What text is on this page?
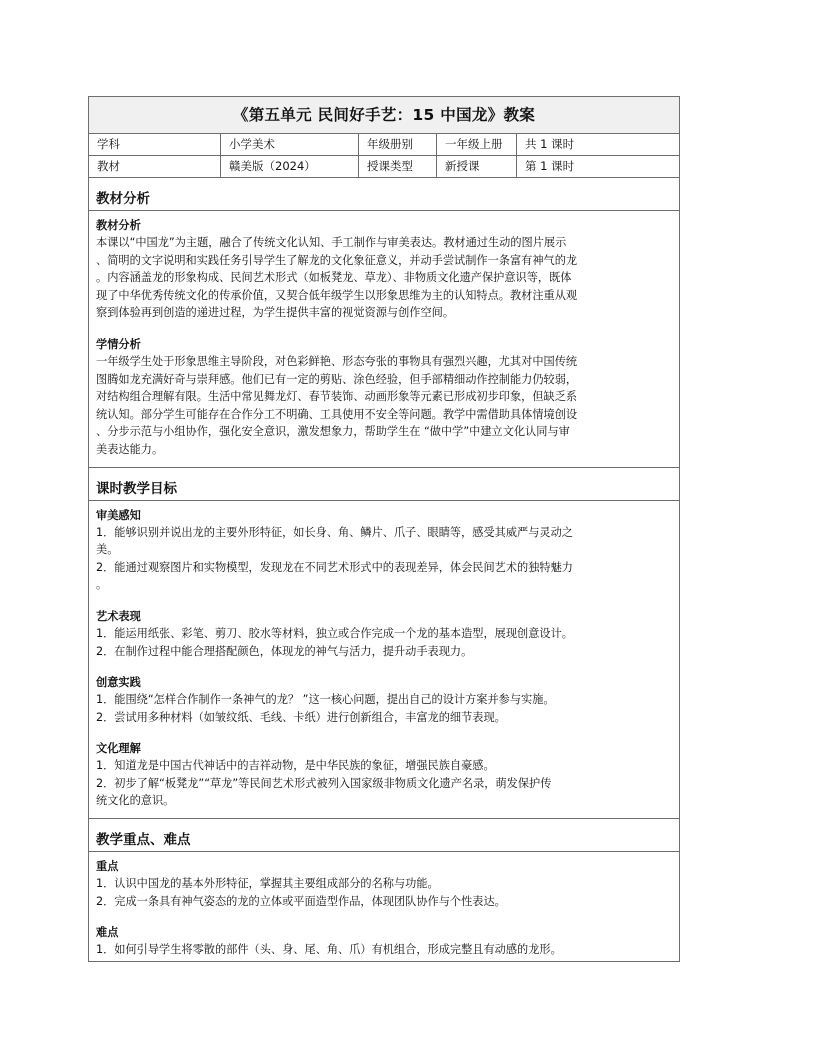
《第五单元 民间好手艺：15 中国龙》教案
学科	小学美术	年级册别	一年级上册	共 1 课时
教材	赣美版（2024）	授课类型	新授课	第 1 课时
教材分析
教材分析

本课以“中国龙”为主题，融合了传统文化认知、手工制作与审美表达。教材通过生动的图片展示

、简明的文字说明和实践任务引导学生了解龙的文化象征意义，并动手尝试制作一条富有神气的龙

。内容涵盖龙的形象构成、民间艺术形式（如板凳龙、草龙）、非物质文化遗产保护意识等，既体

现了中华优秀传统文化的传承价值，又契合低年级学生以形象思维为主的认知特点。教材注重从观

察到体验再到创造的递进过程，为学生提供丰富的视觉资源与创作空间。

学情分析

一年级学生处于形象思维主导阶段，对色彩鲜艳、形态夸张的事物具有强烈兴趣，尤其对中国传统

图腾如龙充满好奇与崇拜感。他们已有一定的剪贴、涂色经验，但手部精细动作控制能力仍较弱，

对结构组合理解有限。生活中常见舞龙灯、春节装饰、动画形象等元素已形成初步印象，但缺乏系

统认知。部分学生可能存在合作分工不明确、工具使用不安全等问题。教学中需借助具体情境创设

、分步示范与小组协作，强化安全意识，激发想象力，帮助学生在 “做中学”中建立文化认同与审

美表达能力。

课时教学目标
审美感知
1．能够识别并说出龙的主要外形特征，如长身、角、鳞片、爪子、眼睛等，感受其威严与灵动之
美。
2．能通过观察图片和实物模型，发现龙在不同艺术形式中的表现差异，体会民间艺术的独特魅力
。
艺术表现
1．能运用纸张、彩笔、剪刀、胶水等材料，独立或合作完成一个龙的基本造型，展现创意设计。
2．在制作过程中能合理搭配颜色，体现龙的神气与活力，提升动手表现力。
创意实践
1．能围绕“怎样合作制作一条神气的龙？ ”这一核心问题，提出自己的设计方案并参与实施。
2．尝试用多种材料（如皱纹纸、毛线、卡纸）进行创新组合，丰富龙的细节表现。
文化理解
1．知道龙是中国古代神话中的吉祥动物，是中华民族的象征，增强民族自豪感。
2．初步了解“板凳龙”“草龙”等民间艺术形式被列入国家级非物质文化遗产名录，萌发保护传
统文化的意识。
教学重点、难点
重点
1．认识中国龙的基本外形特征，掌握其主要组成部分的名称与功能。
2．完成一条具有神气姿态的龙的立体或平面造型作品，体现团队协作与个性表达。
难点
1．如何引导学生将零散的部件（头、身、尾、角、爪）有机组合，形成完整且有动感的龙形。
